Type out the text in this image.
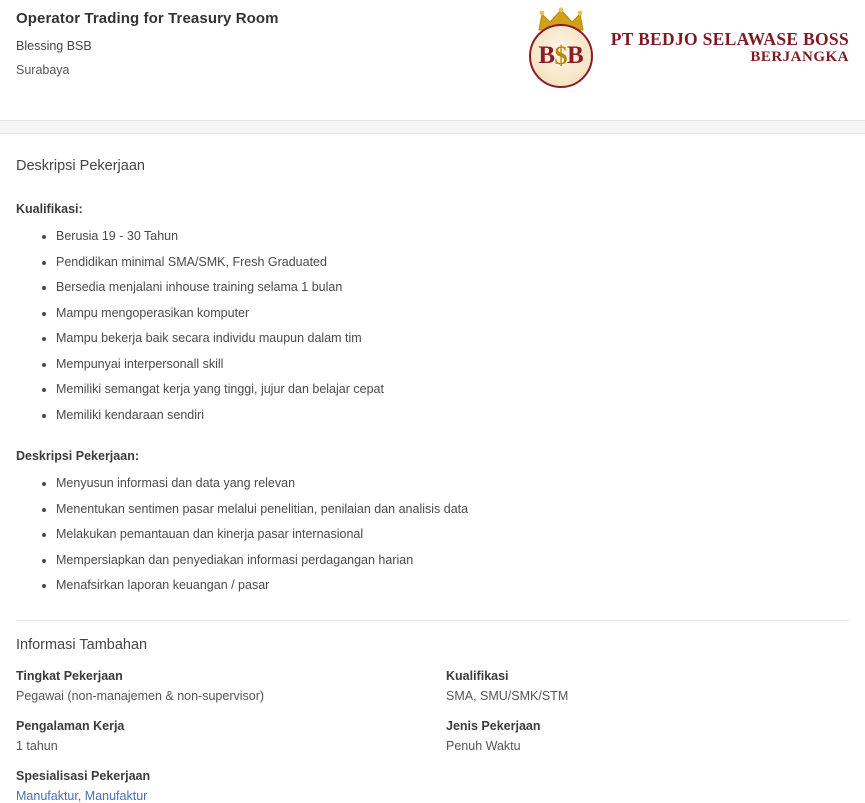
Operator Trading for Treasury Room

Blessing BSB

Surabaya

B $ B
PT BEDJO SELAWASE BOSS
BERJANGKA
Deskripsi Pekerjaan

Kualifikasi:

• Berusia 19 - 30 Tahun
• Pendidikan minimal SMA/SMK, Fresh Graduated
• Bersedia menjalani inhouse training selama 1 bulan
• Mampu mengoperasikan komputer
• Mampu bekerja baik secara individu maupun dalam tim
• Mempunyai interpersonall skill
• Memiliki semangat kerja yang tinggi, jujur dan belajar cepat
• Memiliki kendaraan sendiri

Deskripsi Pekerjaan:

• Menyusun informasi dan data yang relevan
• Menentukan sentimen pasar melalui penelitian, penilaian dan analisis data
• Melakukan pemantauan dan kinerja pasar internasional
• Mempersiapkan dan penyediakan informasi perdagangan harian
• Menafsirkan laporan keuangan / pasar
Informasi Tambahan

Tingkat Pekerjaan

Pegawai (non-manajemen & non-supervisor)

Kualifikasi

SMA, SMU/SMK/STM

Pengalaman Kerja

1 tahun

Jenis Pekerjaan

Penuh Waktu

Spesialisasi Pekerjaan

Manufaktur, Manufaktur
